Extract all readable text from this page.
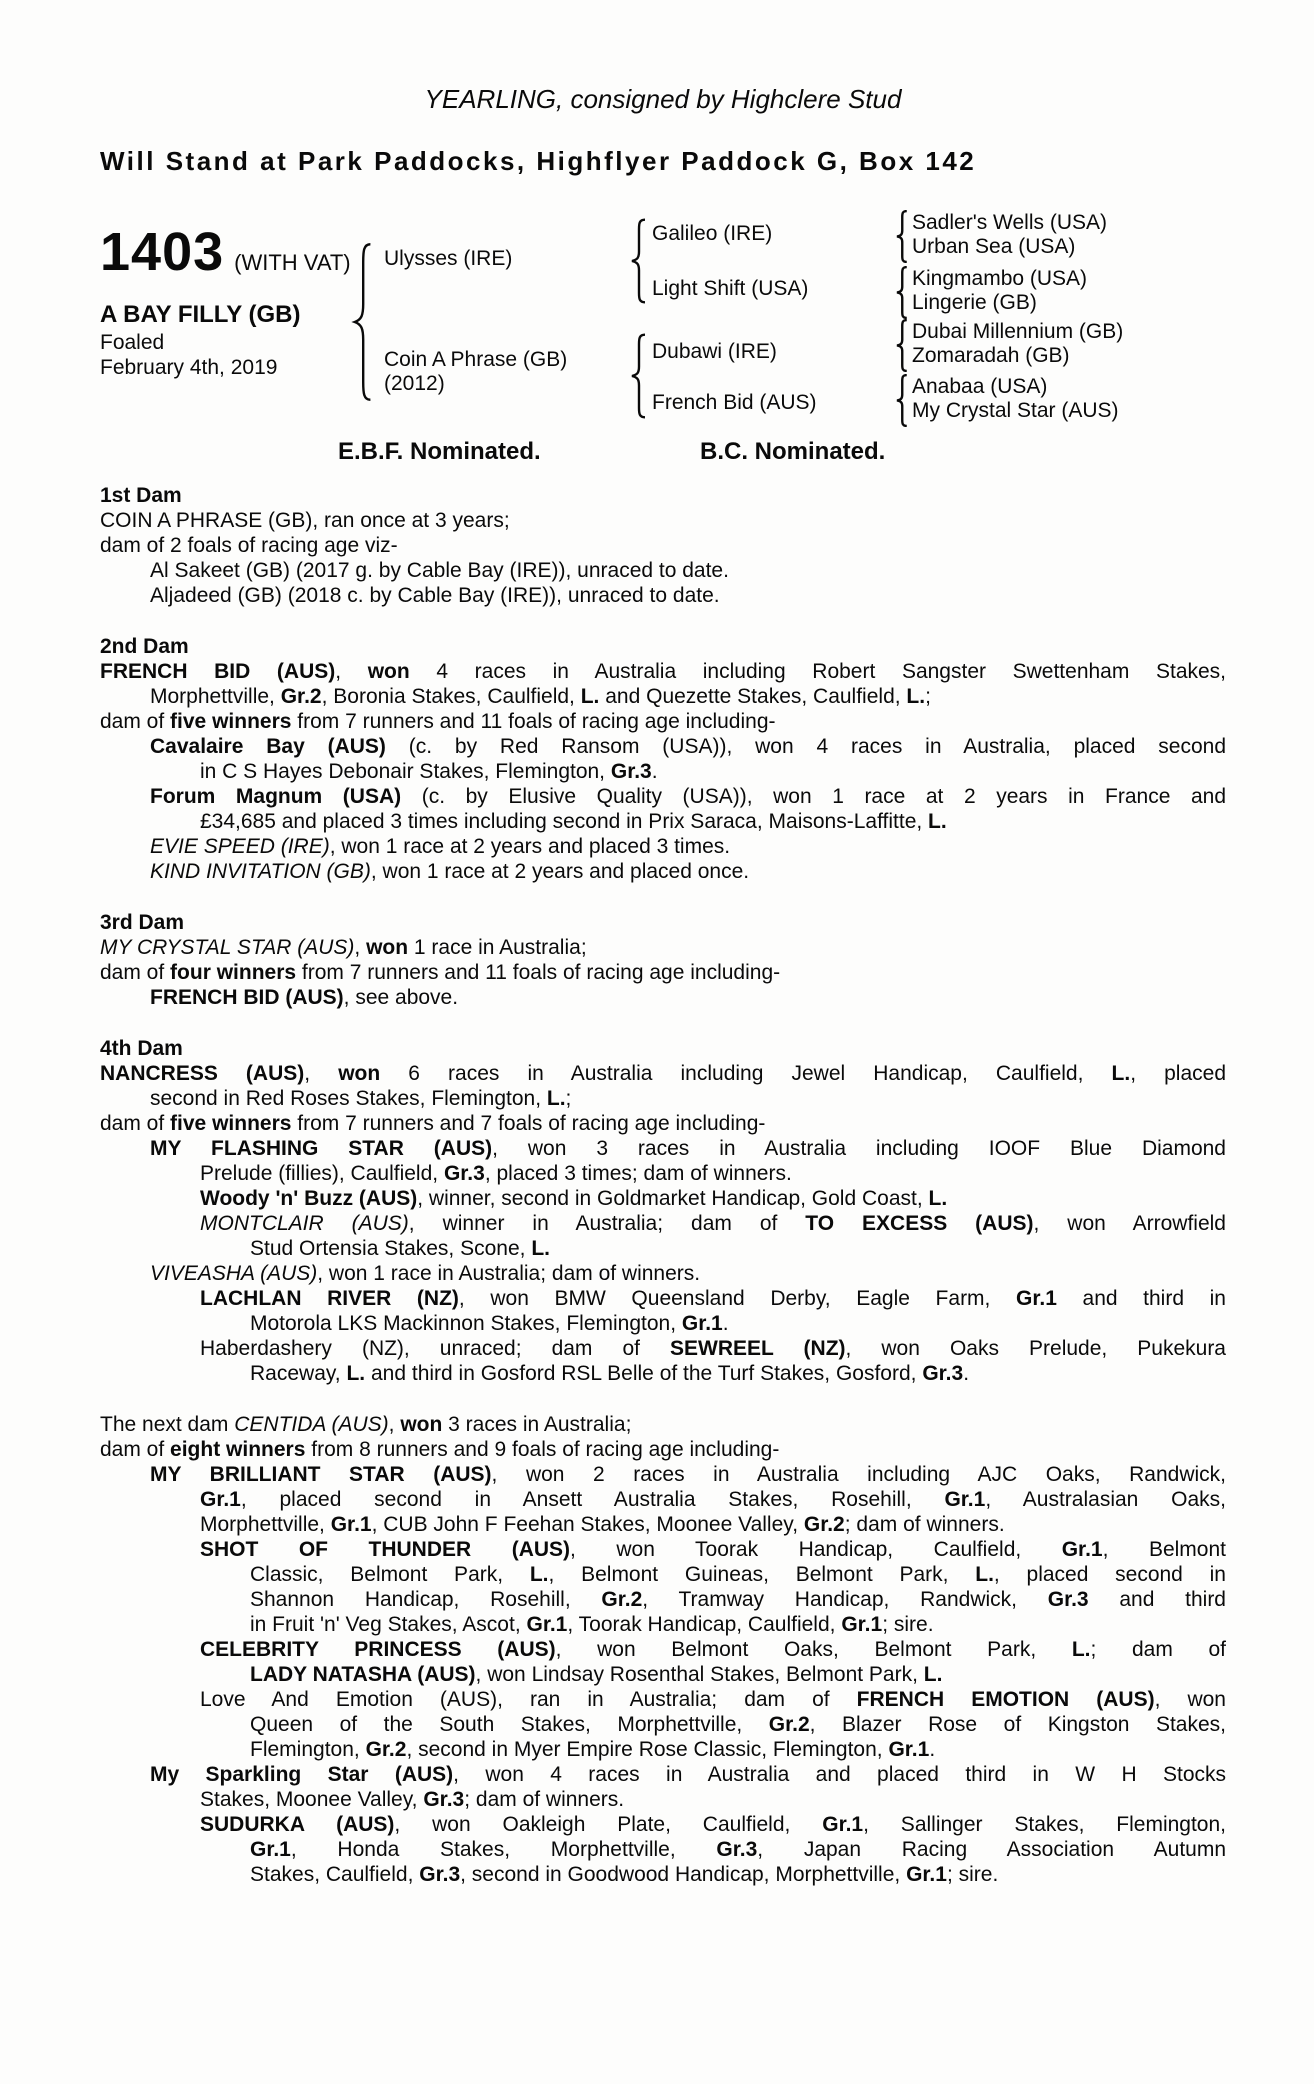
YEARLING, consigned by Highclere Stud
Will Stand at Park Paddocks, Highflyer Paddock G, Box 142
1403 (WITH VAT)
A BAY FILLY (GB)
Foaled
February 4th, 2019
Ulysses (IRE)
Coin A Phrase (GB)
(2012)
Galileo (IRE)
Light Shift (USA)
Dubawi (IRE)
French Bid (AUS)
Sadler's Wells (USA)
Urban Sea (USA)
Kingmambo (USA)
Lingerie (GB)
Dubai Millennium (GB)
Zomaradah (GB)
Anabaa (USA)
My Crystal Star (AUS)
E.B.F. Nominated.	B.C. Nominated.
1st Dam
COIN A PHRASE (GB), ran once at 3 years;
dam of 2 foals of racing age viz-
Al Sakeet (GB) (2017 g. by Cable Bay (IRE)), unraced to date.
Aljadeed (GB) (2018 c. by Cable Bay (IRE)), unraced to date.
2nd Dam
FRENCH BID (AUS), won 4 races in Australia including Robert Sangster Swettenham Stakes,
Morphettville, Gr.2, Boronia Stakes, Caulfield, L. and Quezette Stakes, Caulfield, L.;
dam of five winners from 7 runners and 11 foals of racing age including-
Cavalaire Bay (AUS) (c. by Red Ransom (USA)), won 4 races in Australia, placed second
in C S Hayes Debonair Stakes, Flemington, Gr.3.
Forum Magnum (USA) (c. by Elusive Quality (USA)), won 1 race at 2 years in France and
£34,685 and placed 3 times including second in Prix Saraca, Maisons-Laffitte, L.
EVIE SPEED (IRE), won 1 race at 2 years and placed 3 times.
KIND INVITATION (GB), won 1 race at 2 years and placed once.
3rd Dam
MY CRYSTAL STAR (AUS), won 1 race in Australia;
dam of four winners from 7 runners and 11 foals of racing age including-
FRENCH BID (AUS), see above.
4th Dam
NANCRESS (AUS), won 6 races in Australia including Jewel Handicap, Caulfield, L., placed
second in Red Roses Stakes, Flemington, L.;
dam of five winners from 7 runners and 7 foals of racing age including-
MY FLASHING STAR (AUS), won 3 races in Australia including IOOF Blue Diamond
Prelude (fillies), Caulfield, Gr.3, placed 3 times; dam of winners.
Woody 'n' Buzz (AUS), winner, second in Goldmarket Handicap, Gold Coast, L.
MONTCLAIR (AUS), winner in Australia; dam of TO EXCESS (AUS), won Arrowfield
Stud Ortensia Stakes, Scone, L.
VIVEASHA (AUS), won 1 race in Australia; dam of winners.
LACHLAN RIVER (NZ), won BMW Queensland Derby, Eagle Farm, Gr.1 and third in
Motorola LKS Mackinnon Stakes, Flemington, Gr.1.
Haberdashery (NZ), unraced; dam of SEWREEL (NZ), won Oaks Prelude, Pukekura
Raceway, L. and third in Gosford RSL Belle of the Turf Stakes, Gosford, Gr.3.
The next dam CENTIDA (AUS), won 3 races in Australia;
dam of eight winners from 8 runners and 9 foals of racing age including-
MY BRILLIANT STAR (AUS), won 2 races in Australia including AJC Oaks, Randwick,
Gr.1, placed second in Ansett Australia Stakes, Rosehill, Gr.1, Australasian Oaks,
Morphettville, Gr.1, CUB John F Feehan Stakes, Moonee Valley, Gr.2; dam of winners.
SHOT OF THUNDER (AUS), won Toorak Handicap, Caulfield, Gr.1, Belmont
Classic, Belmont Park, L., Belmont Guineas, Belmont Park, L., placed second in
Shannon Handicap, Rosehill, Gr.2, Tramway Handicap, Randwick, Gr.3 and third
in Fruit 'n' Veg Stakes, Ascot, Gr.1, Toorak Handicap, Caulfield, Gr.1; sire.
CELEBRITY PRINCESS (AUS), won Belmont Oaks, Belmont Park, L.; dam of
LADY NATASHA (AUS), won Lindsay Rosenthal Stakes, Belmont Park, L.
Love And Emotion (AUS), ran in Australia; dam of FRENCH EMOTION (AUS), won
Queen of the South Stakes, Morphettville, Gr.2, Blazer Rose of Kingston Stakes,
Flemington, Gr.2, second in Myer Empire Rose Classic, Flemington, Gr.1.
My Sparkling Star (AUS), won 4 races in Australia and placed third in W H Stocks
Stakes, Moonee Valley, Gr.3; dam of winners.
SUDURKA (AUS), won Oakleigh Plate, Caulfield, Gr.1, Sallinger Stakes, Flemington,
Gr.1, Honda Stakes, Morphettville, Gr.3, Japan Racing Association Autumn
Stakes, Caulfield, Gr.3, second in Goodwood Handicap, Morphettville, Gr.1; sire.
